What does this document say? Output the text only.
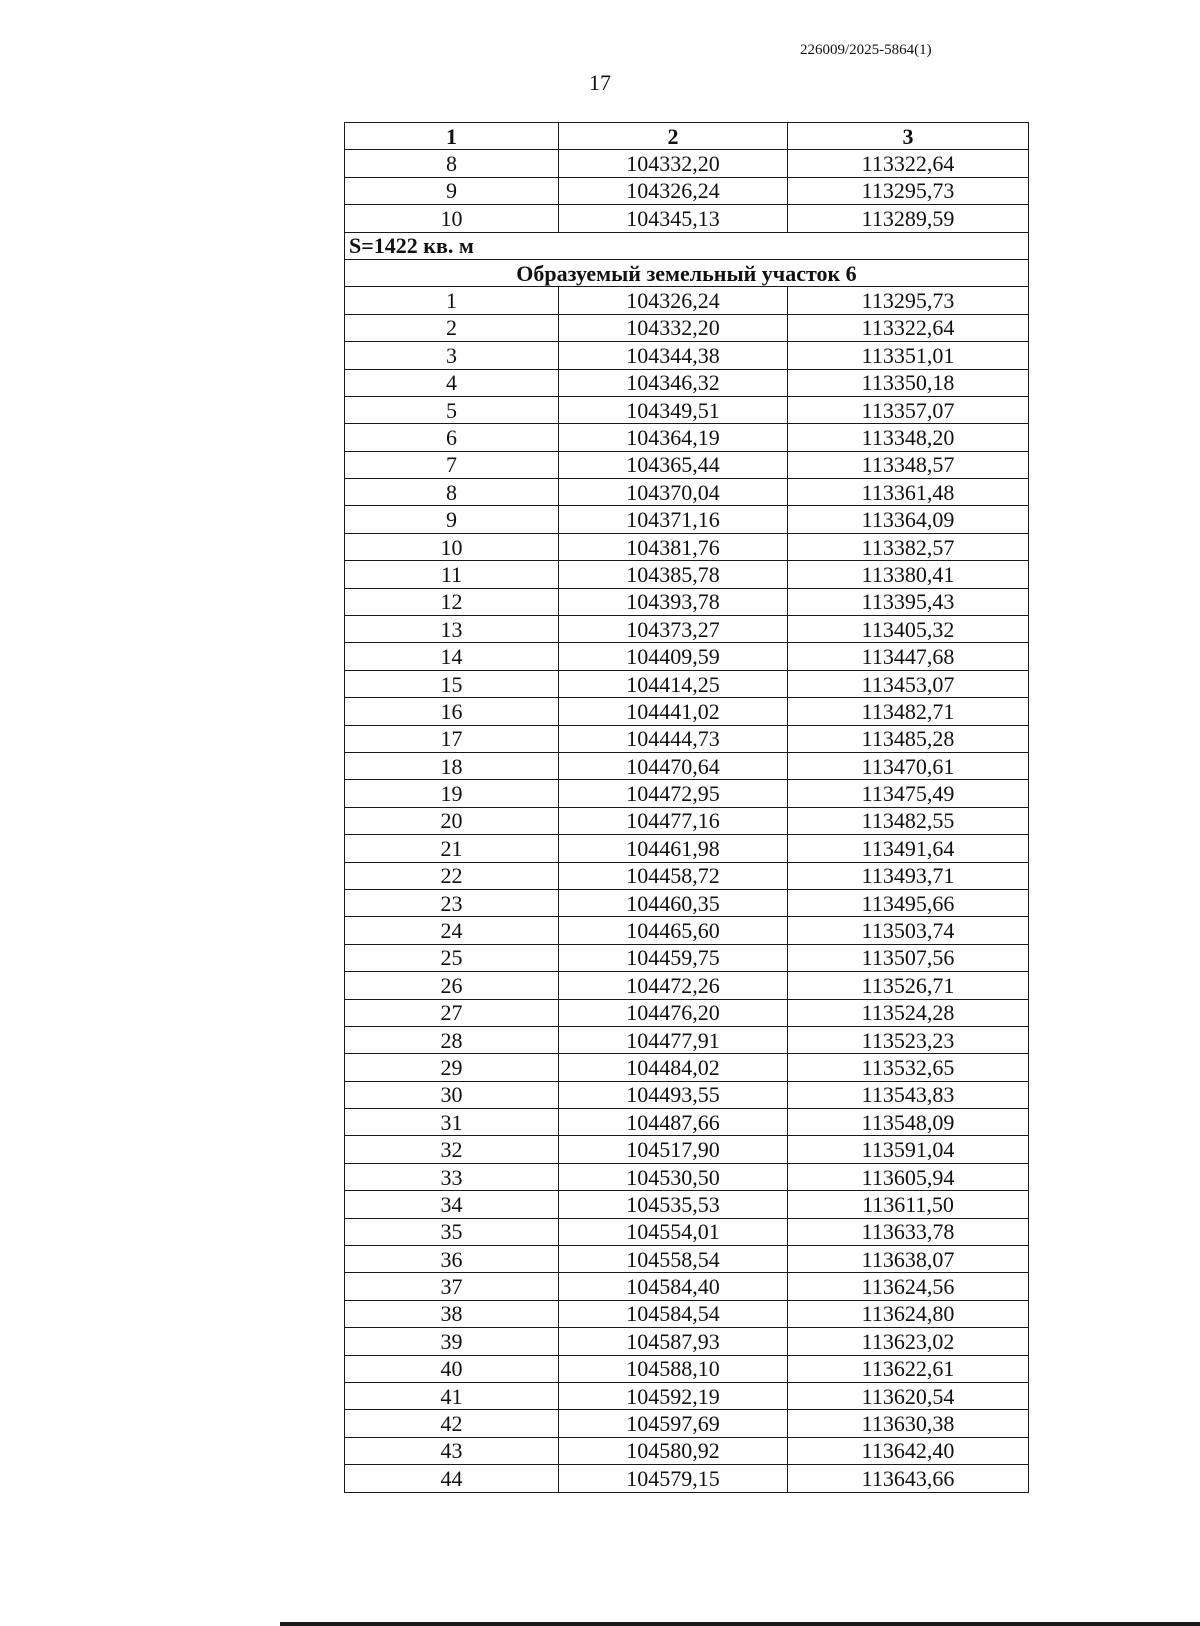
226009/2025-5864(1)
17
1	2	3
8	104332,20	113322,64
9	104326,24	113295,73
10	104345,13	113289,59
S=1422 кв. м		
Образуемый земельный участок 6		
1	104326,24	113295,73
2	104332,20	113322,64
3	104344,38	113351,01
4	104346,32	113350,18
5	104349,51	113357,07
6	104364,19	113348,20
7	104365,44	113348,57
8	104370,04	113361,48
9	104371,16	113364,09
10	104381,76	113382,57
11	104385,78	113380,41
12	104393,78	113395,43
13	104373,27	113405,32
14	104409,59	113447,68
15	104414,25	113453,07
16	104441,02	113482,71
17	104444,73	113485,28
18	104470,64	113470,61
19	104472,95	113475,49
20	104477,16	113482,55
21	104461,98	113491,64
22	104458,72	113493,71
23	104460,35	113495,66
24	104465,60	113503,74
25	104459,75	113507,56
26	104472,26	113526,71
27	104476,20	113524,28
28	104477,91	113523,23
29	104484,02	113532,65
30	104493,55	113543,83
31	104487,66	113548,09
32	104517,90	113591,04
33	104530,50	113605,94
34	104535,53	113611,50
35	104554,01	113633,78
36	104558,54	113638,07
37	104584,40	113624,56
38	104584,54	113624,80
39	104587,93	113623,02
40	104588,10	113622,61
41	104592,19	113620,54
42	104597,69	113630,38
43	104580,92	113642,40
44	104579,15	113643,66
